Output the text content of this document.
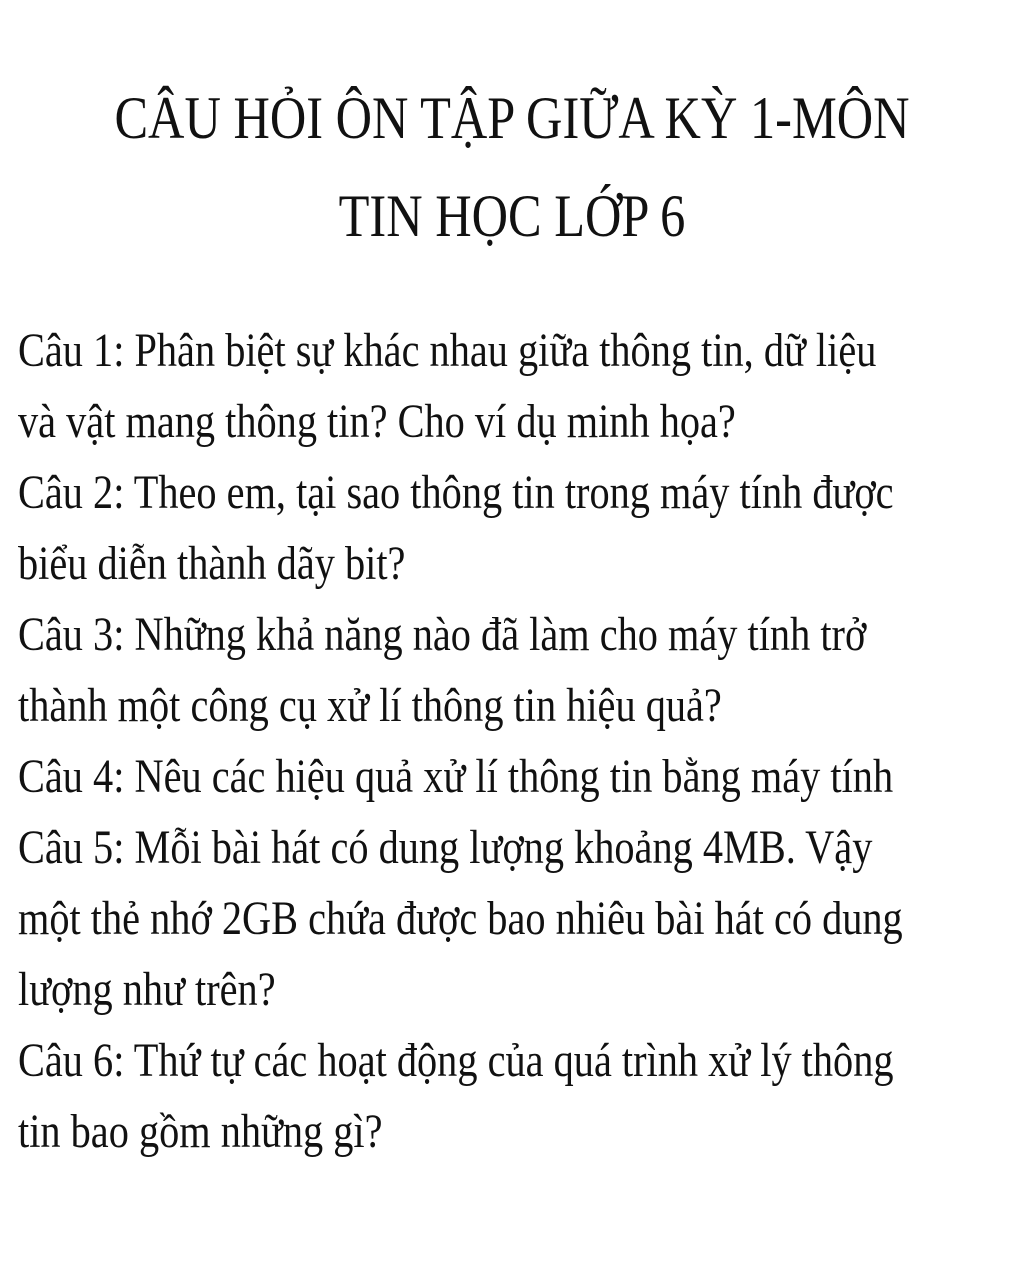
CÂU HỎI ÔN TẬP GIỮA KỲ 1-MÔN
TIN HỌC LỚP 6

Câu 1: Phân biệt sự khác nhau giữa thông tin, dữ liệu

và vật mang thông tin? Cho ví dụ minh họa?

Câu 2: Theo em, tại sao thông tin trong máy tính được

biểu diễn thành dãy bit?

Câu 3: Những khả năng nào đã làm cho máy tính trở

thành một công cụ xử lí thông tin hiệu quả?

Câu 4: Nêu các hiệu quả xử lí thông tin bằng máy tính

Câu 5: Mỗi bài hát có dung lượng khoảng 4MB. Vậy

một thẻ nhớ 2GB chứa được bao nhiêu bài hát có dung

lượng như trên?

Câu 6: Thứ tự các hoạt động của quá trình xử lý thông

tin bao gồm những gì?
